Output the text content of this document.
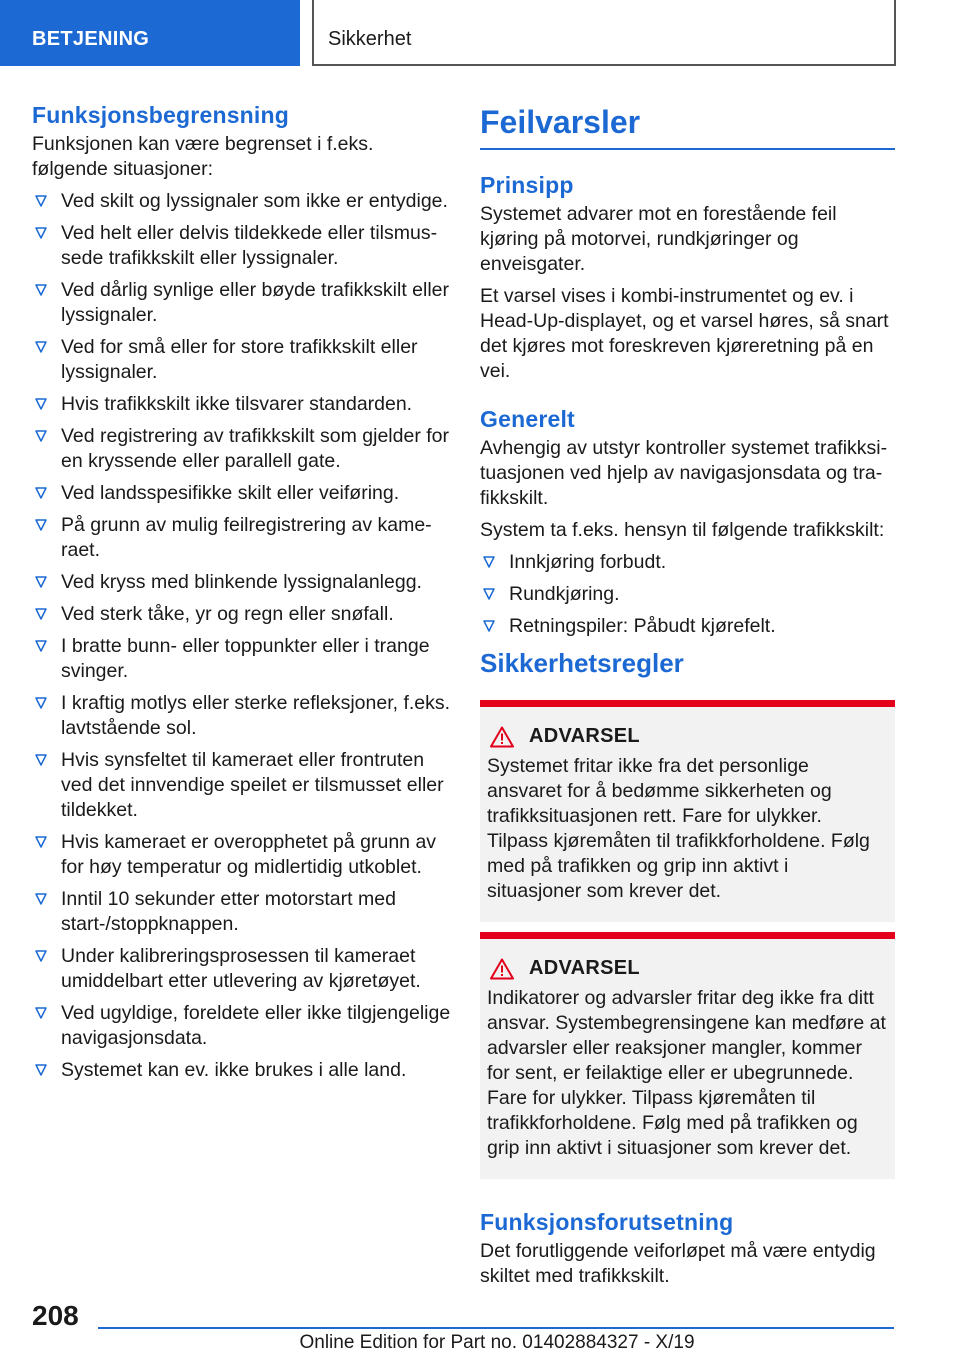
BETJENING	Sikkerhet
Funksjonsbegrensning

Funksjonen kan være begrenset i f.eks. følgende situasjoner:

Ved skilt og lyssignaler som ikke er entydige.
Ved helt eller delvis tildekkede eller tilsmussede trafikkskilt eller lyssignaler.
Ved dårlig synlige eller bøyde trafikkskilt eller lyssignaler.
Ved for små eller for store trafikkskilt eller lyssignaler.
Hvis trafikkskilt ikke tilsvarer standarden.
Ved registrering av trafikkskilt som gjelder for en kryssende eller parallell gate.
Ved landsspesifikke skilt eller veiføring.
På grunn av mulig feilregistrering av kameraet.
Ved kryss med blinkende lyssignalanlegg.
Ved sterk tåke, yr og regn eller snøfall.
I bratte bunn- eller toppunkter eller i trange svinger.
I kraftig motlys eller sterke refleksjoner, f.eks. lavtstående sol.
Hvis synsfeltet til kameraet eller frontruten ved det innvendige speilet er tilsmusset eller tildekket.
Hvis kameraet er overopphetet på grunn av for høy temperatur og midlertidig utkoblet.
Inntil 10 sekunder etter motorstart med start-/stoppknappen.
Under kalibreringsprosessen til kameraet umiddelbart etter utlevering av kjøretøyet.
Ved ugyldige, foreldete eller ikke tilgjengelige navigasjonsdata.
Systemet kan ev. ikke brukes i alle land.
Feilvarsler
Prinsipp

Systemet advarer mot en forestående feil kjøring på motorvei, rundkjøringer og enveisgater.

Et varsel vises i kombi-instrumentet og ev. i Head-Up-displayet, og et varsel høres, så snart det kjøres mot foreskreven kjøreretning på en vei.

Generelt

Avhengig av utstyr kontroller systemet trafikksituasjonen ved hjelp av navigasjonsdata og trafikkskilt.

System ta f.eks. hensyn til følgende trafikkskilt:

Innkjøring forbudt.
Rundkjøring.
Retningspiler: Påbudt kjørefelt.
Sikkerhetsregler
ADVARSEL

Systemet fritar ikke fra det personlige ansvaret for å bedømme sikkerheten og trafikksituasjonen rett. Fare for ulykker. Tilpass kjøremåten til trafikkforholdene. Følg med på trafikken og grip inn aktivt i situasjoner som krever det.

ADVARSEL

Indikatorer og advarsler fritar deg ikke fra ditt ansvar. Systembegrensingene kan medføre at advarsler eller reaksjoner mangler, kommer for sent, er feilaktige eller er ubegrunnede. Fare for ulykker. Tilpass kjøremåten til trafikkforholdene. Følg med på trafikken og grip inn aktivt i situasjoner som krever det.

Funksjonsforutsetning

Det forutliggende veiforløpet må være entydig skiltet med trafikkskilt.

208
Online Edition for Part no. 01402884327 - X/19
